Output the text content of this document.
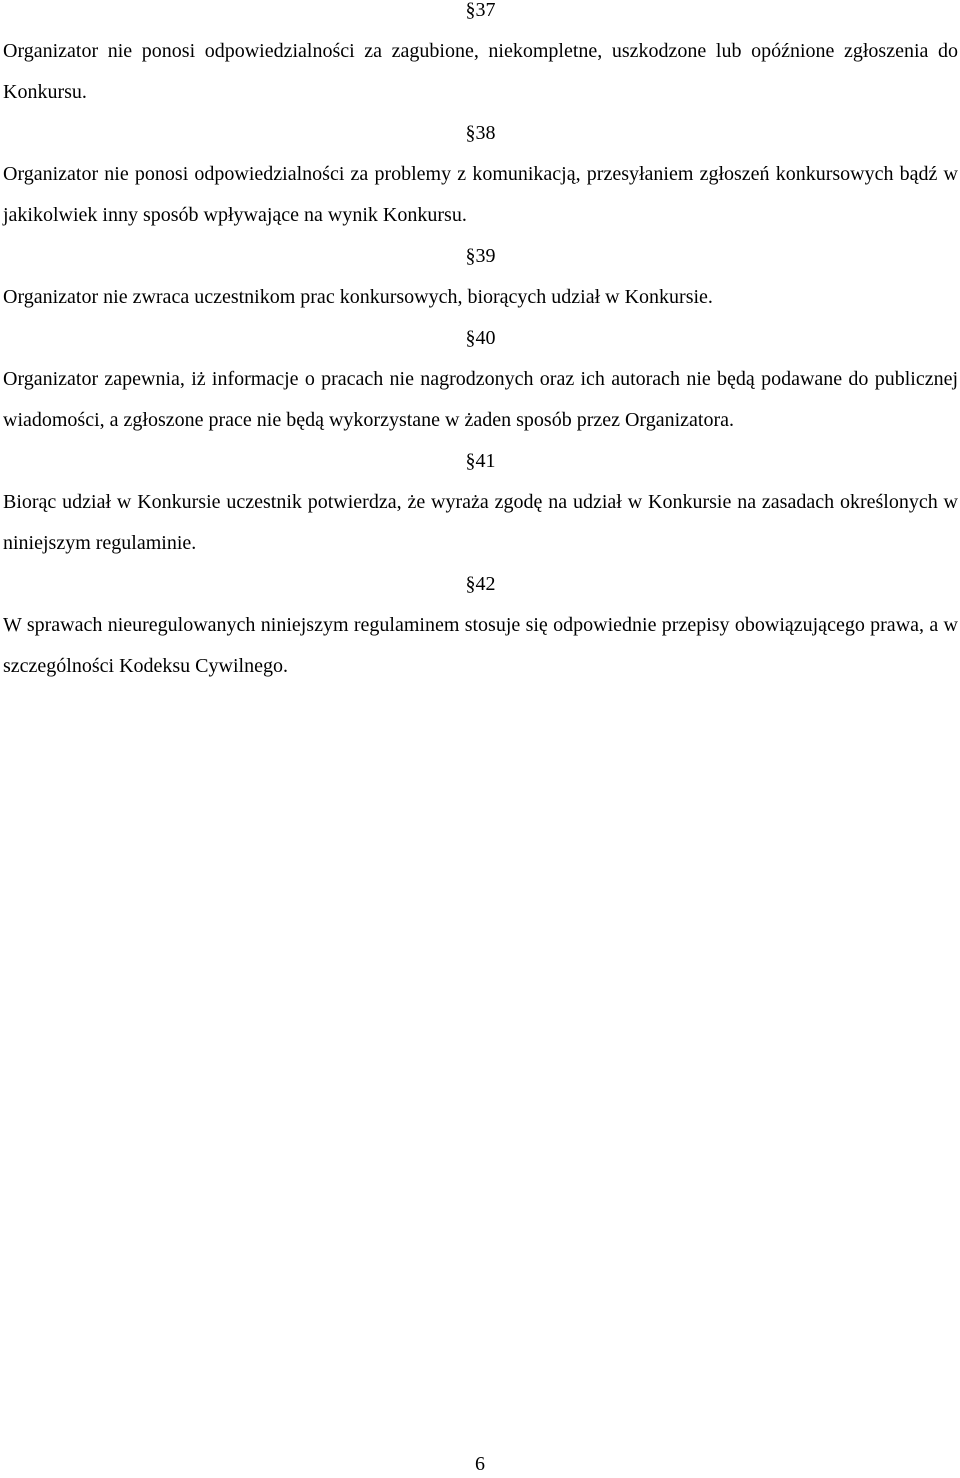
§37

Organizator nie ponosi odpowiedzialności za zagubione, niekompletne, uszkodzone lub opóźnione zgłoszenia do Konkursu.

§38

Organizator nie ponosi odpowiedzialności za problemy z komunikacją, przesyłaniem zgłoszeń konkursowych bądź w jakikolwiek inny sposób wpływające na wynik Konkursu.

§39

Organizator nie zwraca uczestnikom prac konkursowych, biorących udział w Konkursie.

§40

Organizator zapewnia, iż informacje o pracach nie nagrodzonych oraz ich autorach nie będą podawane do publicznej wiadomości, a zgłoszone prace nie będą wykorzystane w żaden sposób przez Organizatora.

§41

Biorąc udział w Konkursie uczestnik potwierdza, że wyraża zgodę na udział w Konkursie na zasadach określonych w niniejszym regulaminie.

§42

W sprawach nieuregulowanych niniejszym regulaminem stosuje się odpowiednie przepisy obowiązującego prawa, a w szczególności Kodeksu Cywilnego.

6
